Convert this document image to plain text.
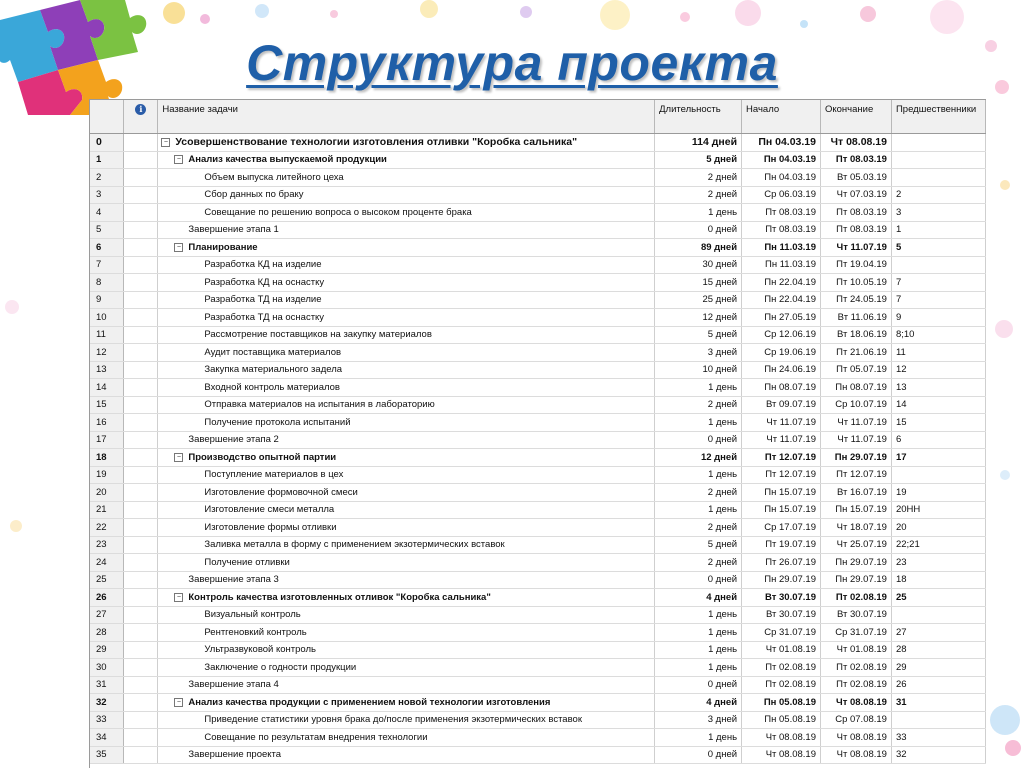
Структура проекта
	i	Название задачи	Длительность	Начало	Окончание	Предшественники
0		− Усовершенствование технологии изготовления отливки "Коробка сальника"	114 дней	Пн 04.03.19	Чт 08.08.19	
1		− Анализ качества выпускаемой продукции	5 дней	Пн 04.03.19	Пт 08.03.19	
2		Объем выпуска литейного цеха	2 дней	Пн 04.03.19	Вт 05.03.19	
3		Сбор данных по браку	2 дней	Ср 06.03.19	Чт 07.03.19	2
4		Совещание по решению вопроса о высоком проценте брака	1 день	Пт 08.03.19	Пт 08.03.19	3
5		Завершение этапа 1	0 дней	Пт 08.03.19	Пт 08.03.19	1
6		− Планирование	89 дней	Пн 11.03.19	Чт 11.07.19	5
7		Разработка КД на изделие	30 дней	Пн 11.03.19	Пт 19.04.19	
8		Разработка КД на оснастку	15 дней	Пн 22.04.19	Пт 10.05.19	7
9		Разработка ТД на изделие	25 дней	Пн 22.04.19	Пт 24.05.19	7
10		Разработка ТД на оснастку	12 дней	Пн 27.05.19	Вт 11.06.19	9
11		Рассмотрение поставщиков на закупку материалов	5 дней	Ср 12.06.19	Вт 18.06.19	8;10
12		Аудит поставщика материалов	3 дней	Ср 19.06.19	Пт 21.06.19	11
13		Закупка материального задела	10 дней	Пн 24.06.19	Пт 05.07.19	12
14		Входной контроль материалов	1 день	Пн 08.07.19	Пн 08.07.19	13
15		Отправка материалов на испытания в лабораторию	2 дней	Вт 09.07.19	Ср 10.07.19	14
16		Получение протокола испытаний	1 день	Чт 11.07.19	Чт 11.07.19	15
17		Завершение этапа 2	0 дней	Чт 11.07.19	Чт 11.07.19	6
18		− Производство опытной партии	12 дней	Пт 12.07.19	Пн 29.07.19	17
19		Поступление материалов в цех	1 день	Пт 12.07.19	Пт 12.07.19	
20		Изготовление формовочной смеси	2 дней	Пн 15.07.19	Вт 16.07.19	19
21		Изготовление смеси металла	1 день	Пн 15.07.19	Пн 15.07.19	20НН
22		Изготовление формы отливки	2 дней	Ср 17.07.19	Чт 18.07.19	20
23		Заливка металла в форму с применением экзотермических вставок	5 дней	Пт 19.07.19	Чт 25.07.19	22;21
24		Получение отливки	2 дней	Пт 26.07.19	Пн 29.07.19	23
25		Завершение этапа 3	0 дней	Пн 29.07.19	Пн 29.07.19	18
26		− Контроль качества изготовленных отливок "Коробка сальника"	4 дней	Вт 30.07.19	Пт 02.08.19	25
27		Визуальный контроль	1 день	Вт 30.07.19	Вт 30.07.19	
28		Рентгеновкий контроль	1 день	Ср 31.07.19	Ср 31.07.19	27
29		Ультразвуковой контроль	1 день	Чт 01.08.19	Чт 01.08.19	28
30		Заключение о годности продукции	1 день	Пт 02.08.19	Пт 02.08.19	29
31		Завершение этапа 4	0 дней	Пт 02.08.19	Пт 02.08.19	26
32		− Анализ качества продукции с применением новой технологии изготовления	4 дней	Пн 05.08.19	Чт 08.08.19	31
33		Приведение статистики уровня брака до/после применения экзотермических вставок	3 дней	Пн 05.08.19	Ср 07.08.19	
34		Совещание по результатам внедрения технологии	1 день	Чт 08.08.19	Чт 08.08.19	33
35		Завершение проекта	0 дней	Чт 08.08.19	Чт 08.08.19	32
